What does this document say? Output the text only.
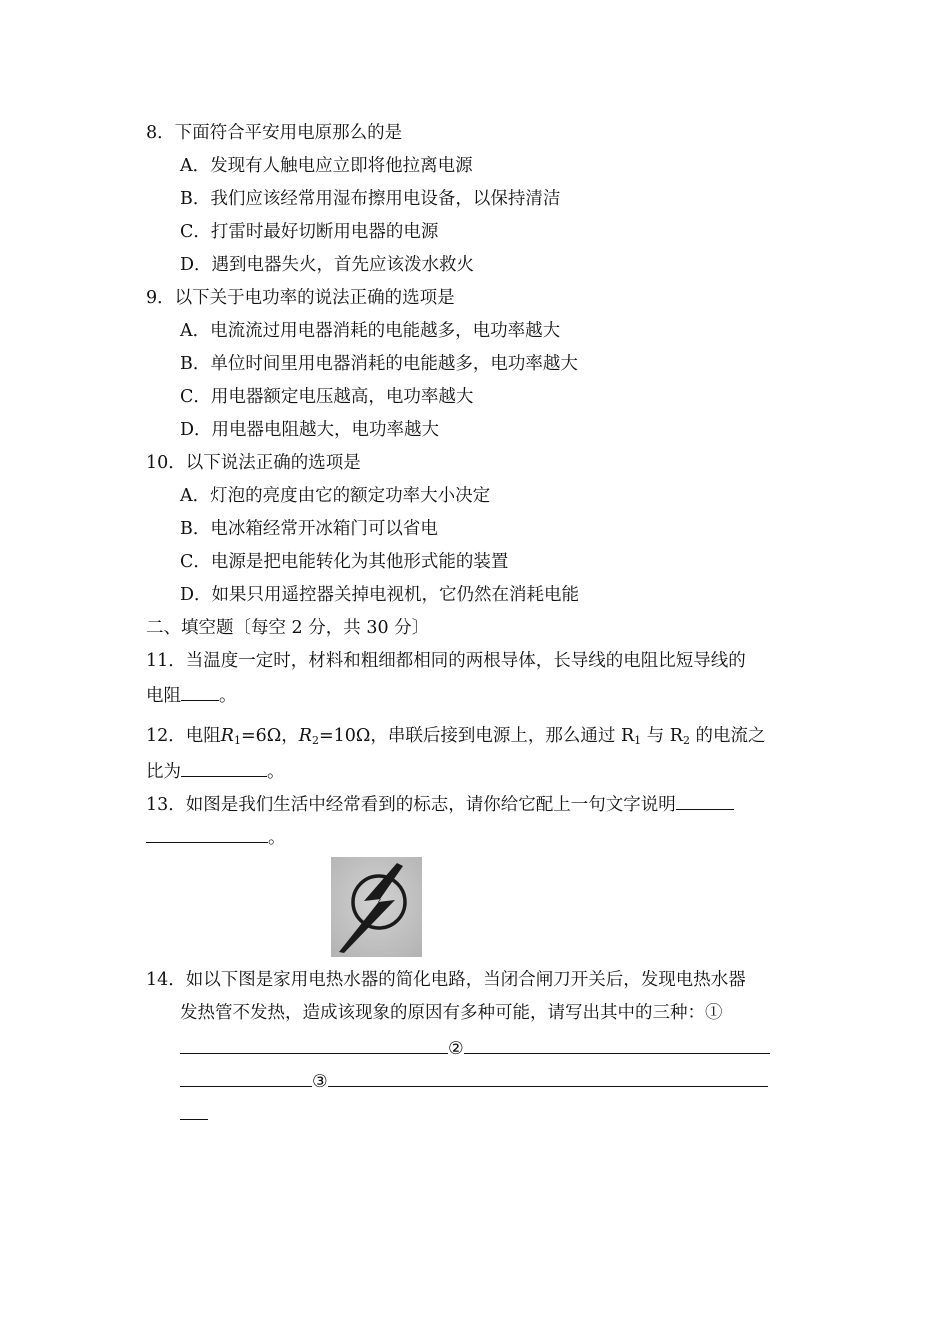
8．下面符合平安用电原那么的是
A．发现有人触电应立即将他拉离电源
B．我们应该经常用湿布擦用电设备，以保持清洁
C．打雷时最好切断用电器的电源
D．遇到电器失火，首先应该泼水救火
9．以下关于电功率的说法正确的选项是
A．电流流过用电器消耗的电能越多，电功率越大
B．单位时间里用电器消耗的电能越多，电功率越大
C．用电器额定电压越高，电功率越大
D．用电器电阻越大，电功率越大
10．以下说法正确的选项是
A．灯泡的亮度由它的额定功率大小决定
B．电冰箱经常开冰箱门可以省电
C．电源是把电能转化为其他形式能的装置
D．如果只用遥控器关掉电视机，它仍然在消耗电能
二、填空题〔每空 2 分，共 30 分〕
11．当温度一定时，材料和粗细都相同的两根导体，长导线的电阻比短导线的
电阻 。
12．电阻$R_1=6\Omega$，$R_2=10\Omega$，串联后接到电源上，那么通过 $R_1$ 与 $R_2$ 的电流之
比为	。
13．如图是我们生活中经常看到的标志，请你给它配上一句文字说明
。
14．如以下图是家用电热水器的简化电路，当闭合闸刀开关后，发现电热水器
发热管不发热，造成该现象的原因有多种可能，请写出其中的三种：①
②
③
